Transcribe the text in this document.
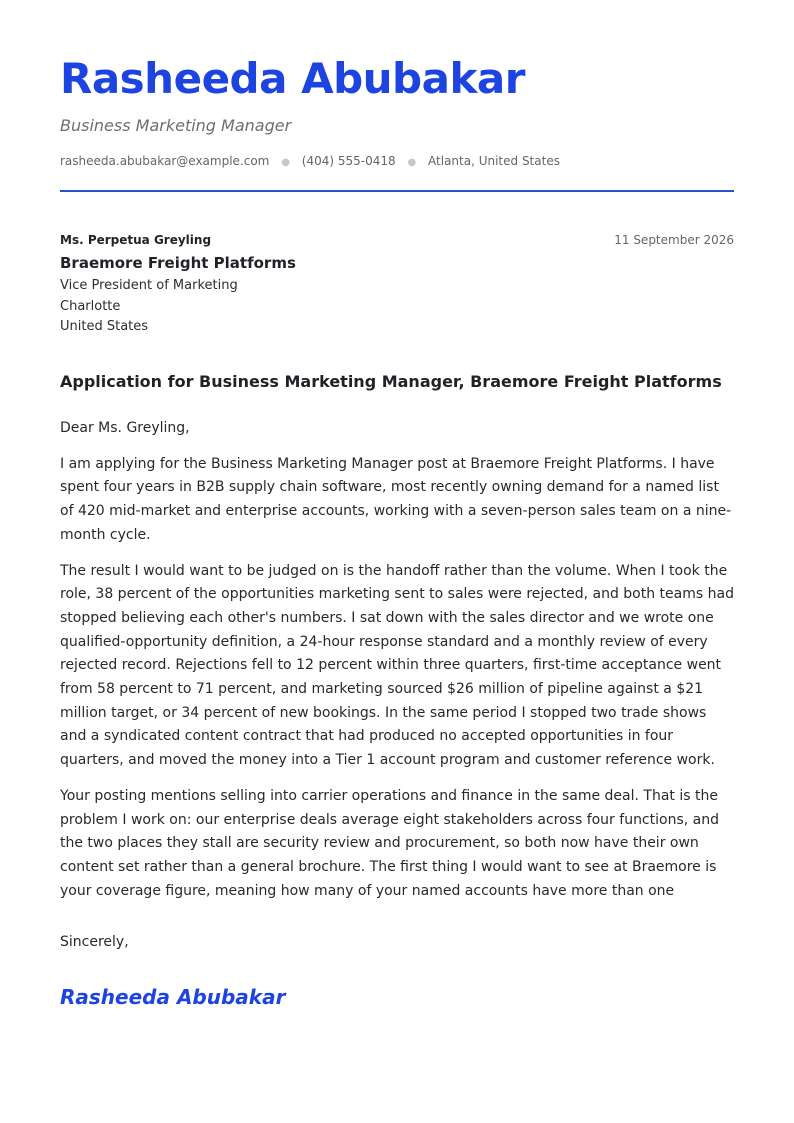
Rasheeda Abubakar

Business Marketing Manager

rasheeda.abubakar@example.com ● (404) 555-0418 ● Atlanta, United States
Ms. Perpetua Greyling	11 September 2026
Braemore Freight Platforms
Vice President of Marketing
Charlotte
United States
Application for Business Marketing Manager, Braemore Freight Platforms

Dear Ms. Greyling,

I am applying for the Business Marketing Manager post at Braemore Freight Platforms. I have spent four years in B2B supply chain software, most recently owning demand for a named list of 420 mid-market and enterprise accounts, working with a seven-person sales team on a nine-month cycle.

The result I would want to be judged on is the handoff rather than the volume. When I took the role, 38 percent of the opportunities marketing sent to sales were rejected, and both teams had stopped believing each other's numbers. I sat down with the sales director and we wrote one qualified-opportunity definition, a 24-hour response standard and a monthly review of every rejected record. Rejections fell to 12 percent within three quarters, first-time acceptance went from 58 percent to 71 percent, and marketing sourced $26 million of pipeline against a $21 million target, or 34 percent of new bookings. In the same period I stopped two trade shows and a syndicated content contract that had produced no accepted opportunities in four quarters, and moved the money into a Tier 1 account program and customer reference work.

Your posting mentions selling into carrier operations and finance in the same deal. That is the problem I work on: our enterprise deals average eight stakeholders across four functions, and the two places they stall are security review and procurement, so both now have their own content set rather than a general brochure. The first thing I would want to see at Braemore is your coverage figure, meaning how many of your named accounts have more than one

Sincerely,
Rasheeda Abubakar
